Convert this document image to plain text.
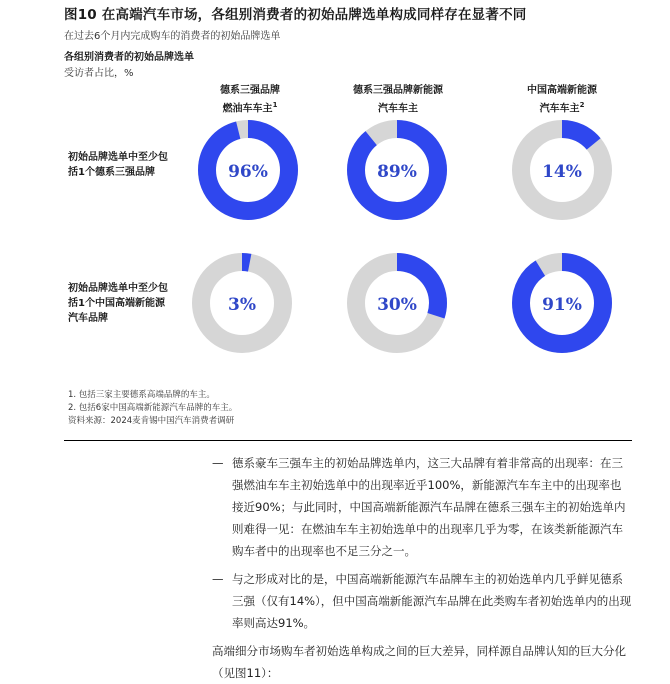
图10 在高端汽车市场，各组别消费者的初始品牌选单构成同样存在显著不同
在过去6个月内完成购车的消费者的初始品牌选单
各组别消费者的初始品牌选单
受访者占比，%
德系三强品牌
燃油车车主$^1$
德系三强品牌新能源
汽车车主
中国高端新能源
汽车车主$^2$
初始品牌选单中至少包括1个德系三强品牌
初始品牌选单中至少包括1个中国高端新能源汽车品牌
96%	89%	14%
3%	30%	91%
1. 包括三家主要德系高端品牌的车主。
2. 包括6家中国高端新能源汽车品牌的车主。
资料来源：2024麦肯锡中国汽车消费者调研
— 德系豪车三强车主的初始品牌选单内，这三大品牌有着非常高的出现率：在三强燃油车车主初始选单中的出现率近乎100%，新能源汽车车主中的出现率也接近90%；与此同时，中国高端新能源汽车品牌在德系三强车主的初始选单内则难得一见：在燃油车车主初始选单中的出现率几乎为零，在该类新能源汽车购车者中的出现率也不足三分之一。
— 与之形成对比的是，中国高端新能源汽车品牌车主的初始选单内几乎鲜见德系三强（仅有14%），但中国高端新能源汽车品牌在此类购车者初始选单内的出现率则高达91%。
高端细分市场购车者初始选单构成之间的巨大差异，同样源自品牌认知的巨大分化（见图11）：
